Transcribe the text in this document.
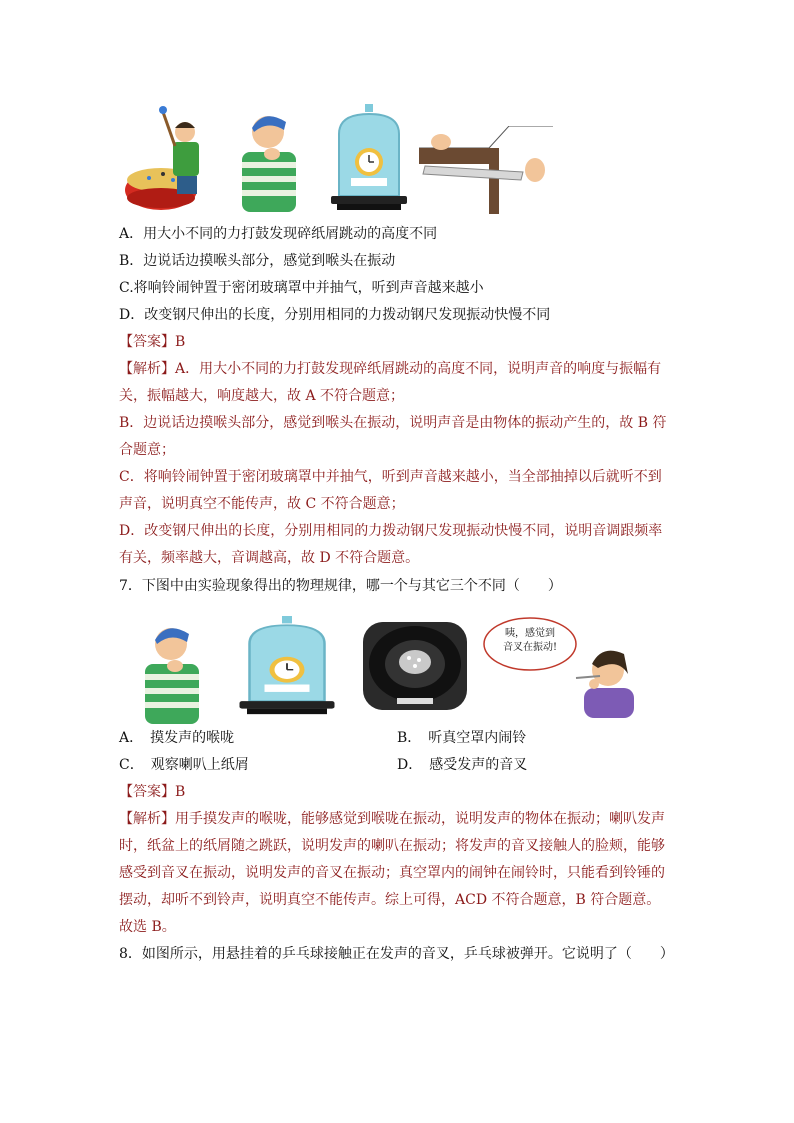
A．用大小不同的力打鼓发现碎纸屑跳动的高度不同
B．边说话边摸喉头部分，感觉到喉头在振动
C.将响铃闹钟置于密闭玻璃罩中并抽气，听到声音越来越小
D．改变钢尺伸出的长度，分别用相同的力拨动钢尺发现振动快慢不同
【答案】B
【解析】A．用大小不同的力打鼓发现碎纸屑跳动的高度不同，说明声音的响度与振幅有
关，振幅越大，响度越大，故 A 不符合题意；
B．边说话边摸喉头部分，感觉到喉头在振动，说明声音是由物体的振动产生的，故 B 符
合题意；
C．将响铃闹钟置于密闭玻璃罩中并抽气，听到声音越来越小，当全部抽掉以后就听不到
声音，说明真空不能传声，故 C 不符合题意；
D．改变钢尺伸出的长度，分别用相同的力拨动钢尺发现振动快慢不同，说明音调跟频率
有关，频率越大，音调越高，故 D 不符合题意。
7．下图中由实验现象得出的物理规律，哪一个与其它三个不同（　　）
咦，感觉到
音叉在振动!
A．　摸发声的喉咙	B．　听真空罩内闹铃
C．　观察喇叭上纸屑	D．　感受发声的音叉
【答案】B
【解析】用手摸发声的喉咙，能够感觉到喉咙在振动，说明发声的物体在振动；喇叭发声
时，纸盆上的纸屑随之跳跃，说明发声的喇叭在振动；将发声的音叉接触人的脸颊，能够
感受到音叉在振动，说明发声的音叉在振动；真空罩内的闹钟在闹铃时，只能看到铃锤的
摆动，却听不到铃声，说明真空不能传声。综上可得，ACD 不符合题意，B 符合题意。
故选 B。
8．如图所示，用悬挂着的乒乓球接触正在发声的音叉，乒乓球被弹开。它说明了（　　）
